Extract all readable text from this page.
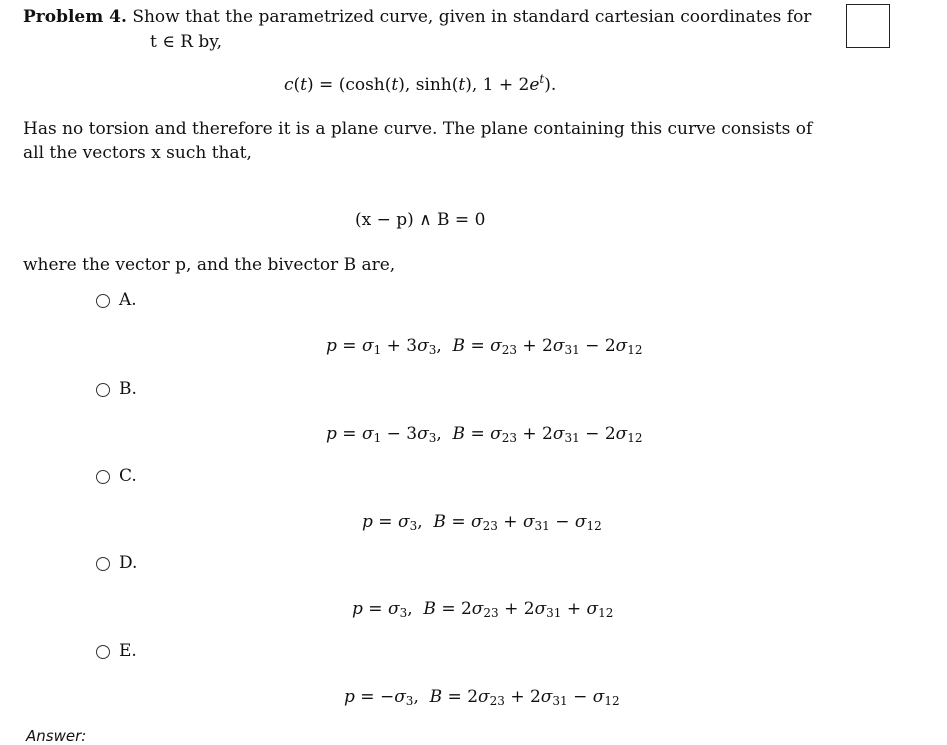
Problem 4. Show that the parametrized curve, given in standard cartesian coordinates for
t ∈ R by,
c(t) = (cosh(t), sinh(t), $1 + 2e^t$).
Has no torsion and therefore it is a plane curve. The plane containing this curve consists of
all the vectors x such that,
(x − p) ∧ B = 0
where the vector p, and the bivector B are,
A.
$p = \sigma_1 + 3\sigma_3$,  $B = \sigma_{23} + 2\sigma_{31} - 2\sigma_{12}$
B.
$p = \sigma_1 - 3\sigma_3$,  $B = \sigma_{23} + 2\sigma_{31} - 2\sigma_{12}$
C.
$p = \sigma_3$,  $B = \sigma_{23} + \sigma_{31} - \sigma_{12}$
D.
$p = \sigma_3$,  $B = 2\sigma_{23} + 2\sigma_{31} + \sigma_{12}$
E.
$p = -\sigma_3$,  $B = 2\sigma_{23} + 2\sigma_{31} - \sigma_{12}$
Answer:
